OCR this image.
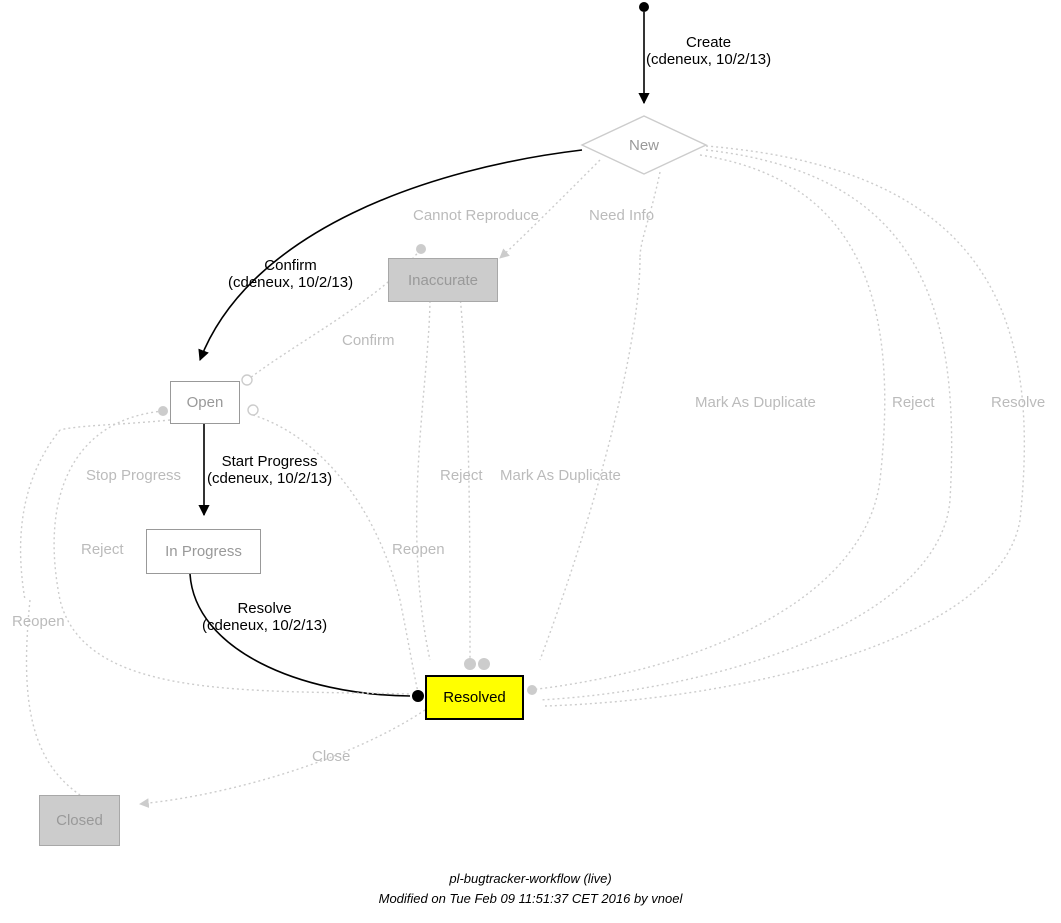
New
Inaccurate
Open
In Progress
Resolved
Closed
Create
(cdeneux, 10/2/13)
Confirm
(cdeneux, 10/2/13)
Start Progress
(cdeneux, 10/2/13)
Resolve
(cdeneux, 10/2/13)
Cannot Reproduce	Need Info
Confirm
Mark As Duplicate	Reject	Resolve
Stop Progress	Reject Mark As Duplicate
Reject	Reopen
Reopen
Close
pl-bugtracker-workflow (live)
Modified on Tue Feb 09 11:51:37 CET 2016 by vnoel
